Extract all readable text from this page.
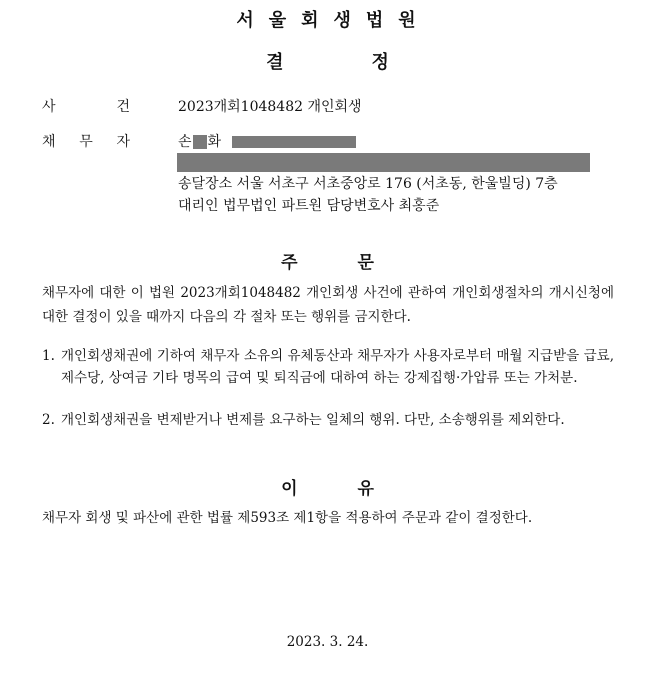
서울회생법원
결정
사	건	2023개회1048482 개인회생
채 무 자	손 화
송달장소 서울 서초구 서초중앙로 176 (서초동, 한울빌딩) 7층
대리인 법무법인 파트원 담당변호사 최홍준
주문
채무자에 대한 이 법원 2023개회1048482 개인회생 사건에 관하여 개인회생절차의 개시신청에 대한 결정이 있을 때까지 다음의 각 절차 또는 행위를 금지한다.
1. 개인회생채권에 기하여 채무자 소유의 유체동산과 채무자가 사용자로부터 매월 지급받을 급료, 제수당, 상여금 기타 명목의 급여 및 퇴직금에 대하여 하는 강제집행·가압류 또는 가처분.
2. 개인회생채권을 변제받거나 변제를 요구하는 일체의 행위. 다만, 소송행위를 제외한다.
이유
채무자 회생 및 파산에 관한 법률 제593조 제1항을 적용하여 주문과 같이 결정한다.
2023. 3. 24.
